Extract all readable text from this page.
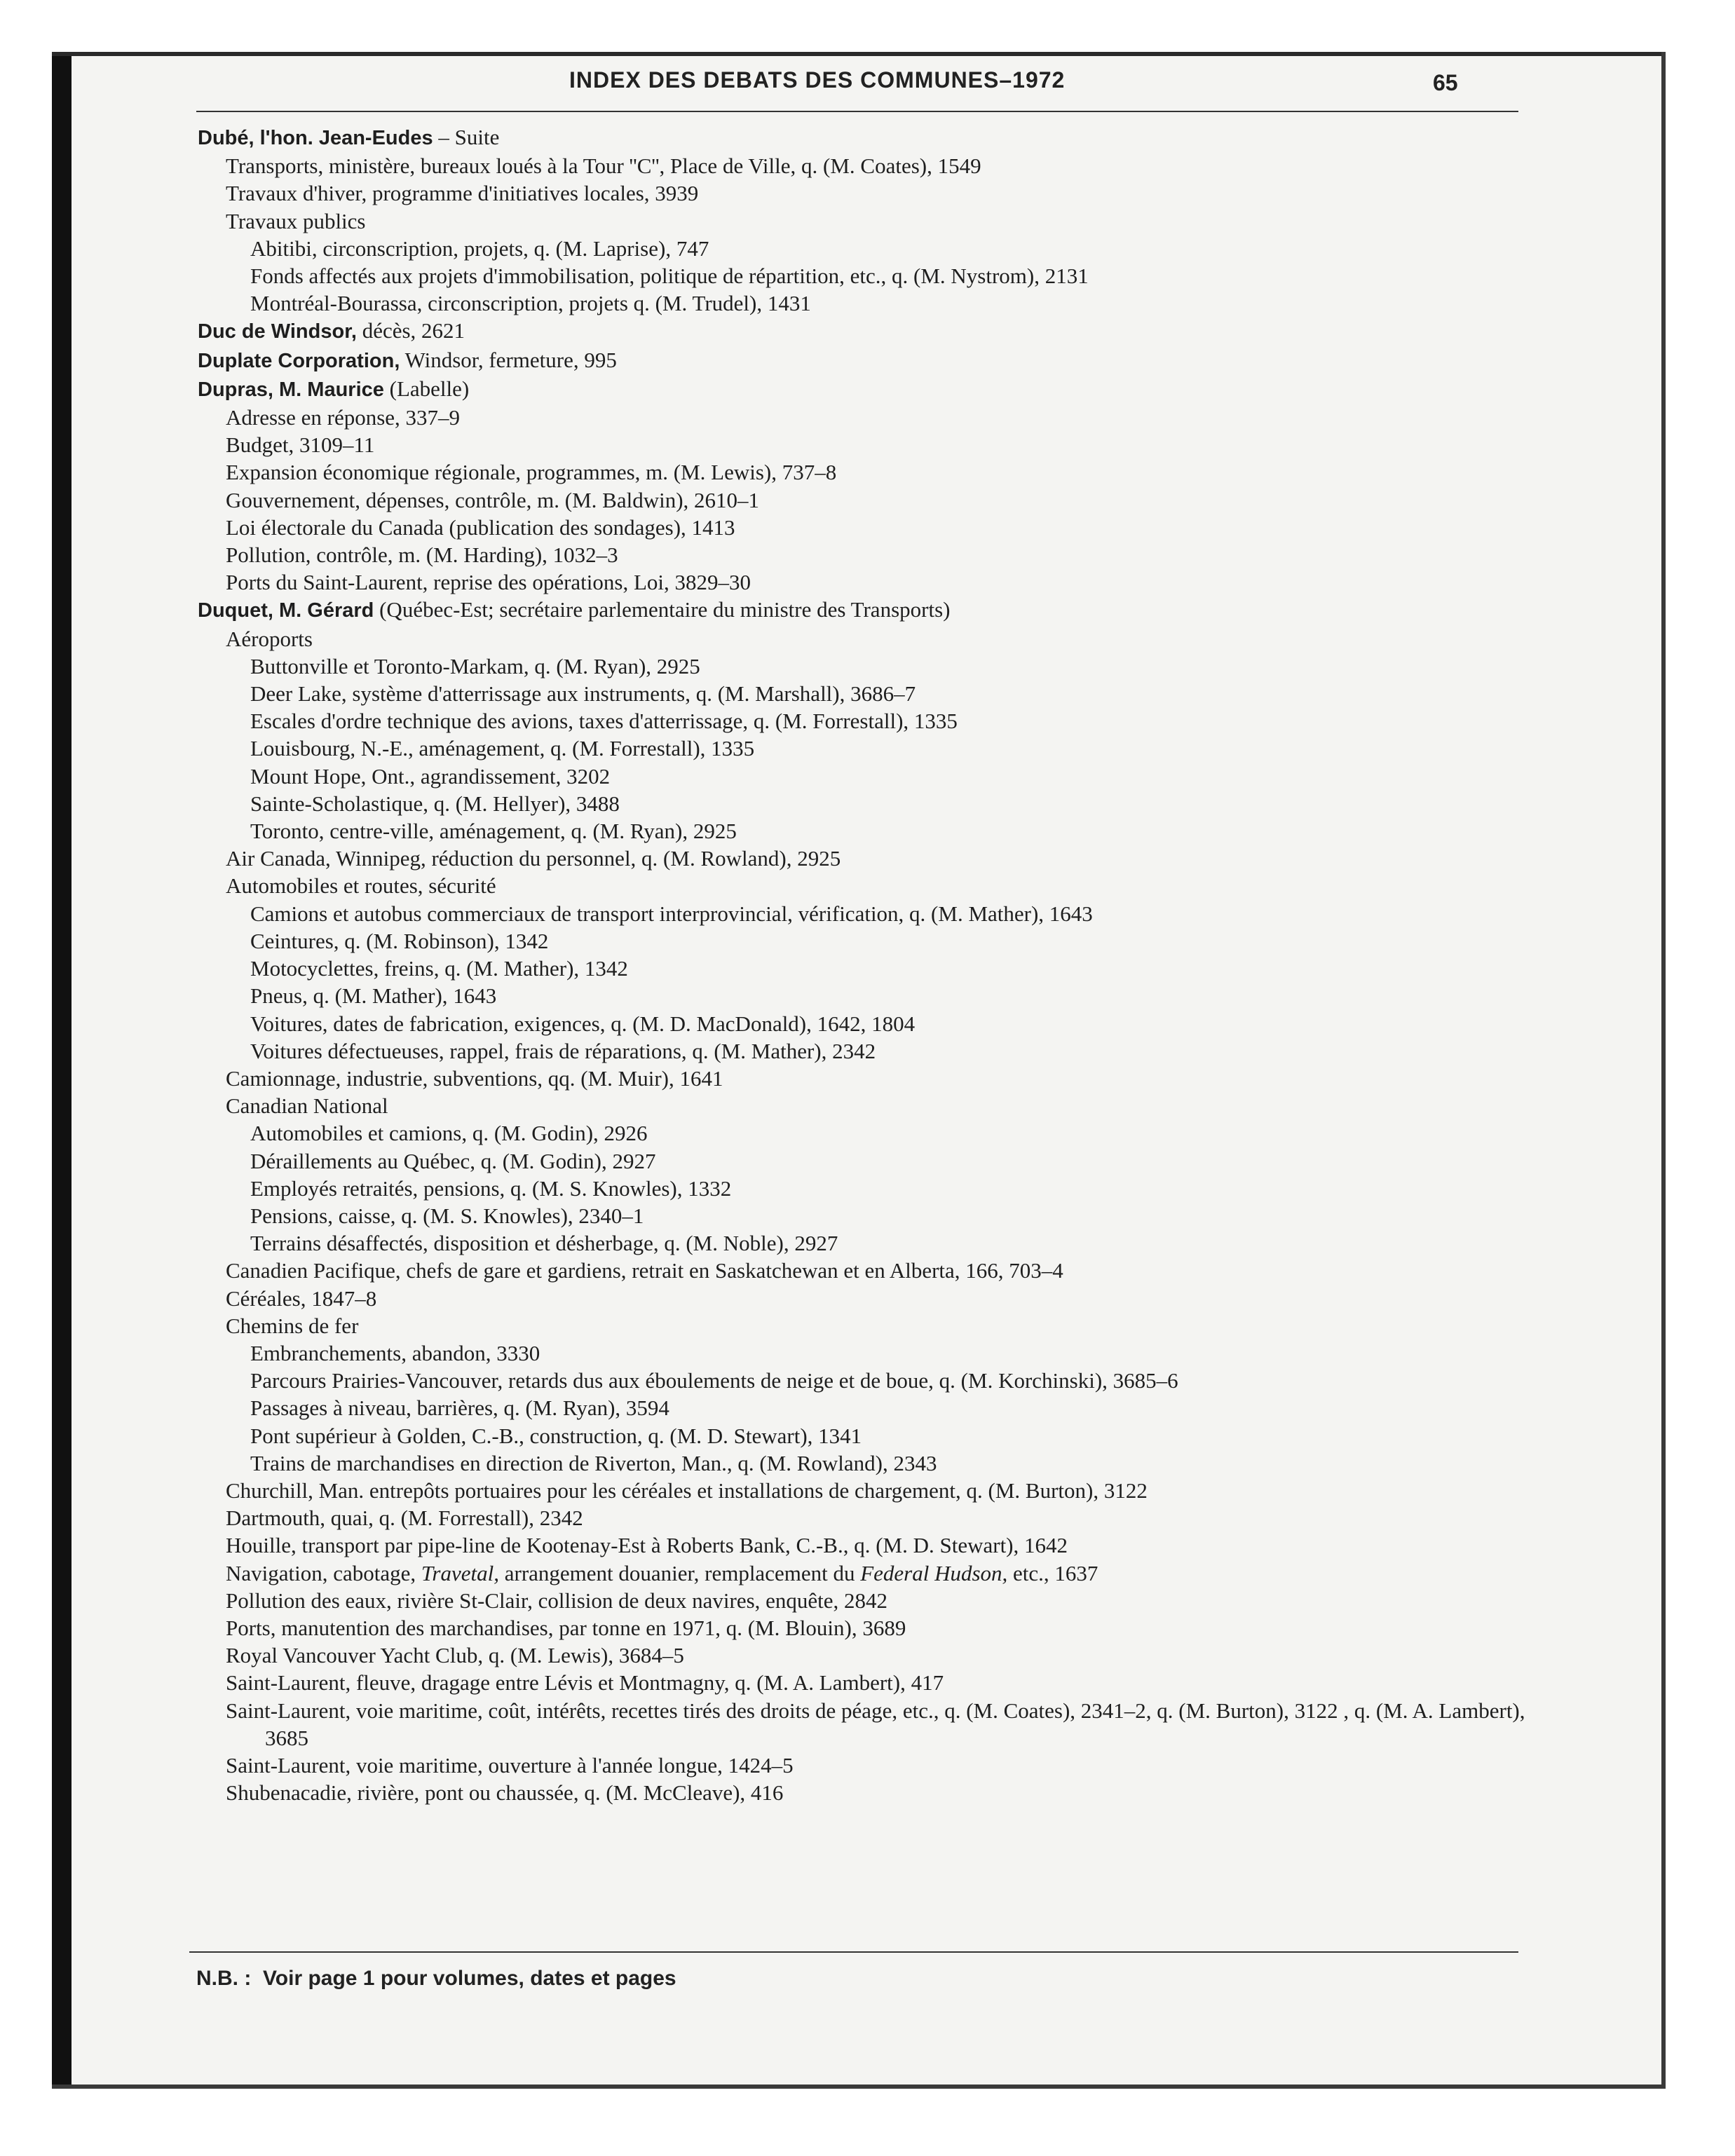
INDEX DES DEBATS DES COMMUNES–1972	65
Dubé, l'hon. Jean-Eudes – Suite
Transports, ministère, bureaux loués à la Tour ''C'', Place de Ville, q. (M. Coates), 1549
Travaux d'hiver, programme d'initiatives locales, 3939
Travaux publics
Abitibi, circonscription, projets, q. (M. Laprise), 747
Fonds affectés aux projets d'immobilisation, politique de répartition, etc., q. (M. Nystrom), 2131
Montréal-Bourassa, circonscription, projets q. (M. Trudel), 1431
Duc de Windsor, décès, 2621
Duplate Corporation, Windsor, fermeture, 995
Dupras, M. Maurice (Labelle)
Adresse en réponse, 337–9
Budget, 3109–11
Expansion économique régionale, programmes, m. (M. Lewis), 737–8
Gouvernement, dépenses, contrôle, m. (M. Baldwin), 2610–1
Loi électorale du Canada (publication des sondages), 1413
Pollution, contrôle, m. (M. Harding), 1032–3
Ports du Saint-Laurent, reprise des opérations, Loi, 3829–30
Duquet, M. Gérard (Québec-Est; secrétaire parlementaire du ministre des Transports)
Aéroports
Buttonville et Toronto-Markam, q. (M. Ryan), 2925
Deer Lake, système d'atterrissage aux instruments, q. (M. Marshall), 3686–7
Escales d'ordre technique des avions, taxes d'atterrissage, q. (M. Forrestall), 1335
Louisbourg, N.-E., aménagement, q. (M. Forrestall), 1335
Mount Hope, Ont., agrandissement, 3202
Sainte-Scholastique, q. (M. Hellyer), 3488
Toronto, centre-ville, aménagement, q. (M. Ryan), 2925
Air Canada, Winnipeg, réduction du personnel, q. (M. Rowland), 2925
Automobiles et routes, sécurité
Camions et autobus commerciaux de transport interprovincial, vérification, q. (M. Mather), 1643
Ceintures, q. (M. Robinson), 1342
Motocyclettes, freins, q. (M. Mather), 1342
Pneus, q. (M. Mather), 1643
Voitures, dates de fabrication, exigences, q. (M. D. MacDonald), 1642, 1804
Voitures défectueuses, rappel, frais de réparations, q. (M. Mather), 2342
Camionnage, industrie, subventions, qq. (M. Muir), 1641
Canadian National
Automobiles et camions, q. (M. Godin), 2926
Déraillements au Québec, q. (M. Godin), 2927
Employés retraités, pensions, q. (M. S. Knowles), 1332
Pensions, caisse, q. (M. S. Knowles), 2340–1
Terrains désaffectés, disposition et désherbage, q. (M. Noble), 2927
Canadien Pacifique, chefs de gare et gardiens, retrait en Saskatchewan et en Alberta, 166, 703–4
Céréales, 1847–8
Chemins de fer
Embranchements, abandon, 3330
Parcours Prairies-Vancouver, retards dus aux éboulements de neige et de boue, q. (M. Korchinski), 3685–6
Passages à niveau, barrières, q. (M. Ryan), 3594
Pont supérieur à Golden, C.-B., construction, q. (M. D. Stewart), 1341
Trains de marchandises en direction de Riverton, Man., q. (M. Rowland), 2343
Churchill, Man. entrepôts portuaires pour les céréales et installations de chargement, q. (M. Burton), 3122
Dartmouth, quai, q. (M. Forrestall), 2342
Houille, transport par pipe-line de Kootenay-Est à Roberts Bank, C.-B., q. (M. D. Stewart), 1642
Navigation, cabotage, Travetal, arrangement douanier, remplacement du Federal Hudson, etc., 1637
Pollution des eaux, rivière St-Clair, collision de deux navires, enquête, 2842
Ports, manutention des marchandises, par tonne en 1971, q. (M. Blouin), 3689
Royal Vancouver Yacht Club, q. (M. Lewis), 3684–5
Saint-Laurent, fleuve, dragage entre Lévis et Montmagny, q. (M. A. Lambert), 417
Saint-Laurent, voie maritime, coût, intérêts, recettes tirés des droits de péage, etc., q. (M. Coates), 2341–2, q. (M. Burton), 3122 , q. (M. A. Lambert), 3685
Saint-Laurent, voie maritime, ouverture à l'année longue, 1424–5
Shubenacadie, rivière, pont ou chaussée, q. (M. McCleave), 416
N.B. :  Voir page 1 pour volumes, dates et pages
